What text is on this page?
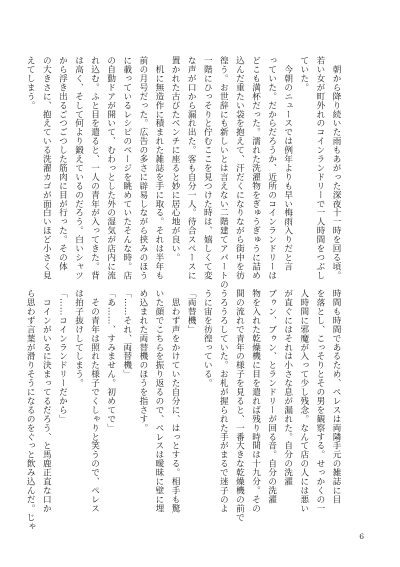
　朝から降り続いた雨もあがった深夜十一時を回る頃。

若い女が町外れのコインランドリーで一人時間をつぶし

ていた。

　今朝のニュースでは例年よりも早い梅雨入りだと言

っていた。だからだろうか、近所のコインランドリーは

どこも満杯だった。濡れた洗濯物をぎゅうぎゅうに詰め

込んだ重たい袋を抱えて、汗だくになりながら街中を彷

徨う。お世辞にも新しいとは言えない二階建てアパートの

一階にひっそりと佇むここを見つけた時は、嬉しくて変

な声が口から漏れ出た。客も自分一人。待合スペースに

置かれた古びたベンチに座ると妙に居心地が良い。

　机に無造作に積まれた雑誌を手に取る。それは半年も

前の月号だった。広告の多さに辟易しながら挟みのほう

に載っているレシピのページを眺めていたそんな時。店

の自動ドアが開いて、むわっとした外の湿気が店内に流

れ込む。ふと目を遣ると、一人の青年が入ってきた。背

は高く、そして何より鍛えているのだろう。白いシャツ

から浮き出るごつごつした筋肉に目が行った。その体

の大きさに、抱えている洗濯カゴが面白いほど小さく見

えてしまう。

時間も時間であるため、ペレスは両隣手元の雑誌に目

を落とし、こっそりとその男を観察する。せっかくの一

人時間に邪魔が入って少し残念。なんて店の人には悪い

が直ぐにはそれは小さな息が漏れた。自分の洗濯

ブゥン、ブゥン、とランドリーが回る音。自分の洗濯

物を入れた乾燥機に目を遣れば残り時間は十九分。その

間の流れで青年の様子を見ると、一番大きな乾燥機の前で

うろうろしていた。お札が握られた手がまるで迷子のよ

うに宙を彷徨っている。

「両替機」

　思わず声をかけていた自分に、はっとする。相手も驚

いた顔でこちらを振り返るので、ペレスは曖昧に壁に埋

め込まれた両替機のほうを指さす。

「……それ、両替機」

「あ……、すみません。初めてで」

　その青年は照れた様子でくしゃりと笑うので、ペレス

は拍子抜けしてしまう。

「……コインランドリーだから」

　コインがいるに決まってるだろう、と馬鹿正直な口か

ら思わず言葉が滑りそうになるのをぐっと飲み込んだ。じゃ

6
